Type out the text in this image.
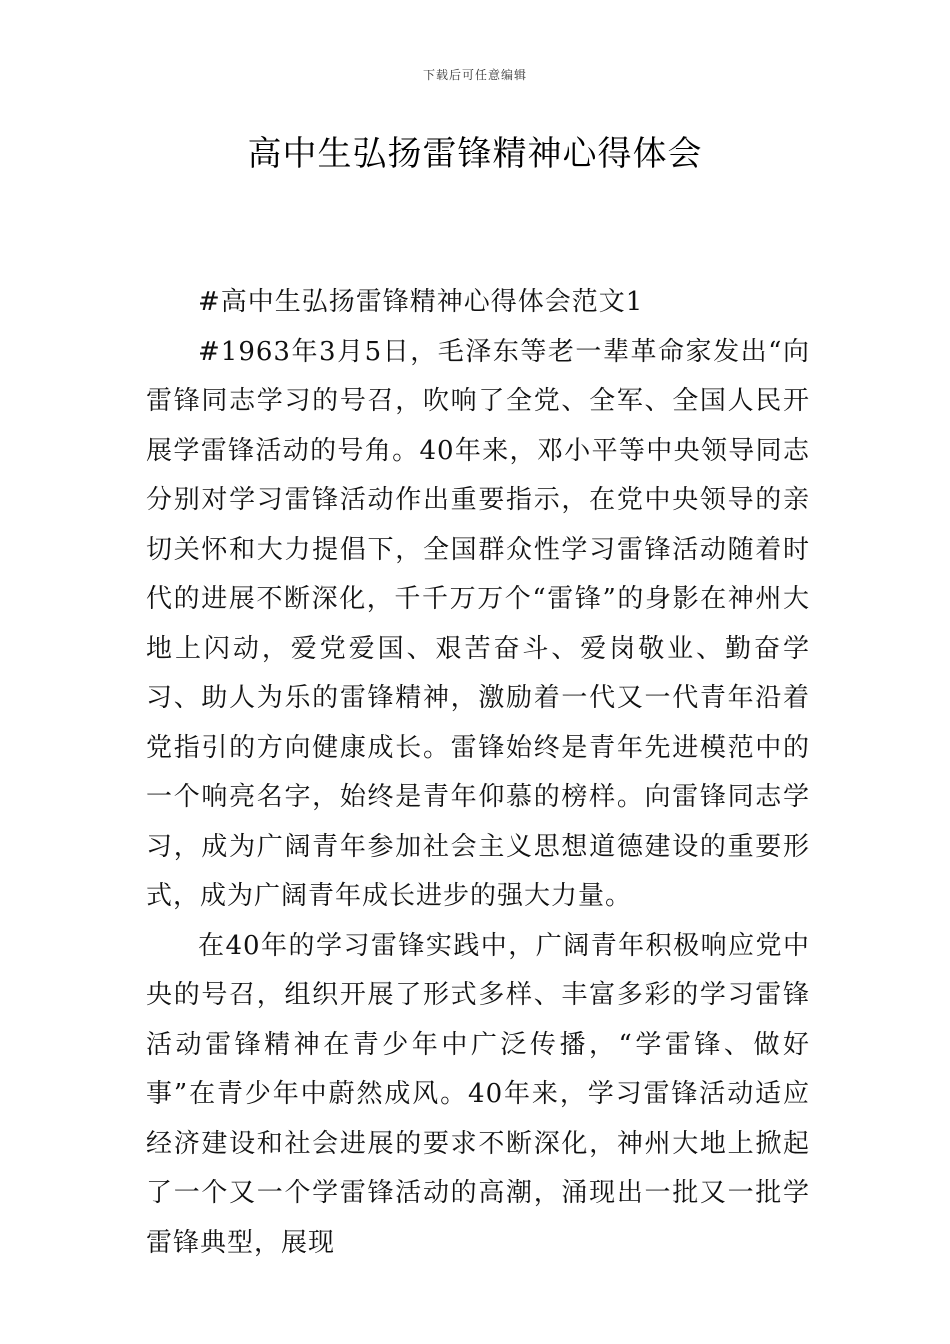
下载后可任意编辑
高中生弘扬雷锋精神心得体会

#高中生弘扬雷锋精神心得体会范文1

#1963年3月5日，毛泽东等老一辈革命家发出“向雷锋同志学习的号召，吹响了全党、全军、全国人民开展学雷锋活动的号角。40年来，邓小平等中央领导同志分别对学习雷锋活动作出重要指示，在党中央领导的亲切关怀和大力提倡下，全国群众性学习雷锋活动随着时代的进展不断深化，千千万万个“雷锋”的身影在神州大地上闪动，爱党爱国、艰苦奋斗、爱岗敬业、勤奋学习、助人为乐的雷锋精神，激励着一代又一代青年沿着党指引的方向健康成长。雷锋始终是青年先进模范中的一个响亮名字，始终是青年仰慕的榜样。向雷锋同志学习，成为广阔青年参加社会主义思想道德建设的重要形式，成为广阔青年成长进步的强大力量。

在40年的学习雷锋实践中，广阔青年积极响应党中央的号召，组织开展了形式多样、丰富多彩的学习雷锋活动雷锋精神在青少年中广泛传播，“学雷锋、做好事”在青少年中蔚然成风。40年来，学习雷锋活动适应经济建设和社会进展的要求不断深化，神州大地上掀起了一个又一个学雷锋活动的高潮，涌现出一批又一批学雷锋典型，展现
